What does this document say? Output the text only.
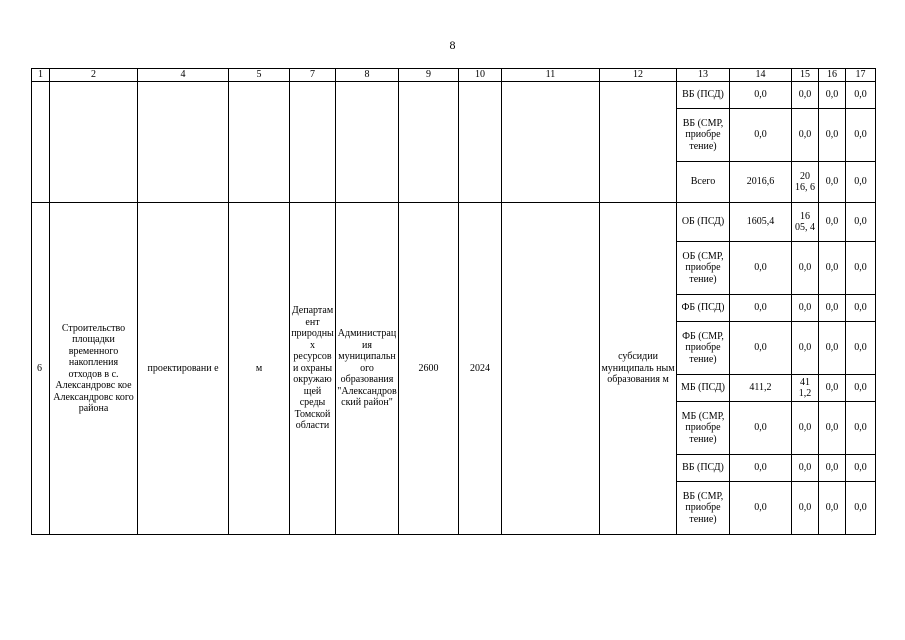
8
1	2	4	5	7	8	9	10	11	12	13	14	15	16	17
										ВБ (ПСД)	0,0	0,0	0,0	0,0
										ВБ (СМР, приобре тение)	0,0	0,0	0,0	0,0
										Всего	2016,6	20 16, 6	0,0	0,0
6	Строительство площадки временного накопления отходов в с. Александровс кое Александровс кого района	проектировани е	м	Департамент природных ресурсов и охраны окружающей среды Томской области	Администрация муниципального образования "Александровский район"	2600	2024		субсидии муниципаль ным образования м	ОБ (ПСД)	1605,4	16 05, 4	0,0	0,0
										ОБ (СМР, приобре тение)	0,0	0,0	0,0	0,0
										ФБ (ПСД)	0,0	0,0	0,0	0,0
										ФБ (СМР, приобре тение)	0,0	0,0	0,0	0,0
										МБ (ПСД)	411,2	41 1,2	0,0	0,0
										МБ (СМР, приобре тение)	0,0	0,0	0,0	0,0
										ВБ (ПСД)	0,0	0,0	0,0	0,0
										ВБ (СМР, приобре тение)	0,0	0,0	0,0	0,0
